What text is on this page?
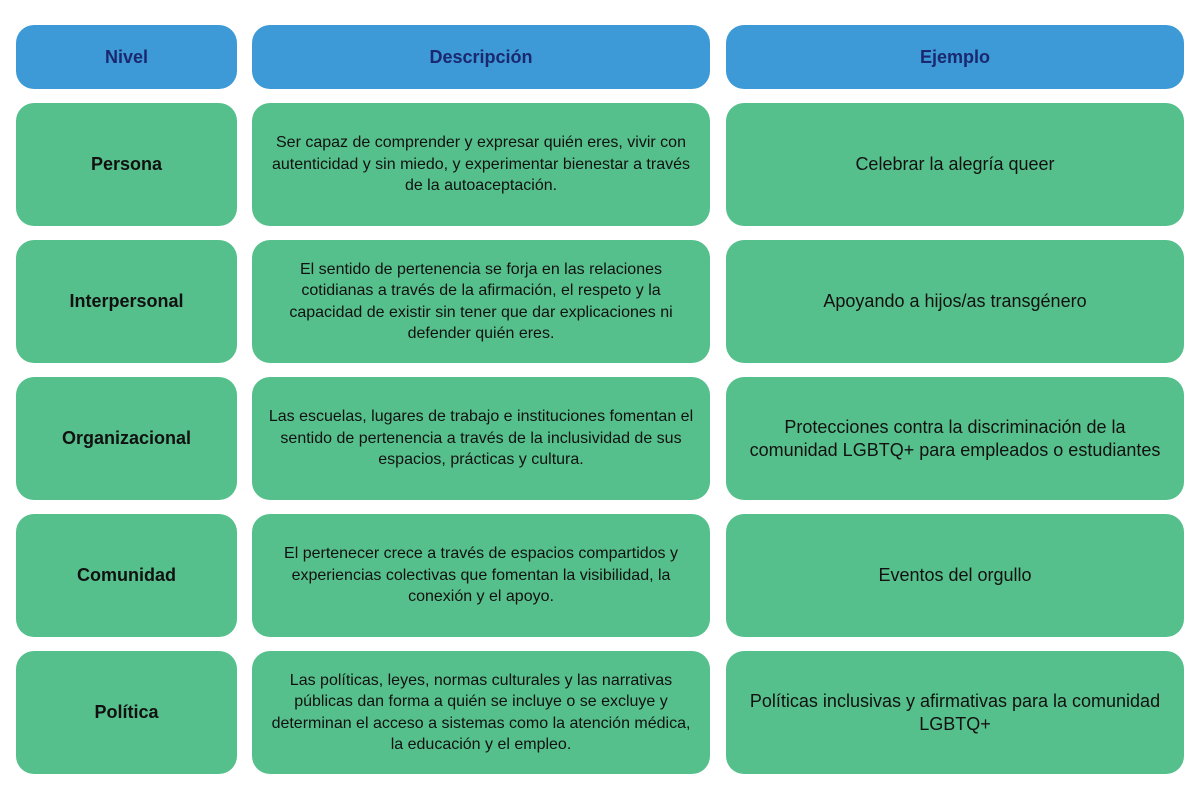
Nivel	Descripción	Ejemplo
Persona
Ser capaz de comprender y expresar quién eres, vivir con autenticidad y sin miedo, y experimentar bienestar a través de la autoaceptación.
Celebrar la alegría queer
Interpersonal
El sentido de pertenencia se forja en las relaciones cotidianas a través de la afirmación, el respeto y la capacidad de existir sin tener que dar explicaciones ni defender quién eres.
Apoyando a hijos/as transgénero
Organizacional
Las escuelas, lugares de trabajo e instituciones fomentan el sentido de pertenencia a través de la inclusividad de sus espacios, prácticas y cultura.
Protecciones contra la discriminación de la comunidad LGBTQ+ para empleados o estudiantes
Comunidad
El pertenecer crece a través de espacios compartidos y experiencias colectivas que fomentan la visibilidad, la conexión y el apoyo.
Eventos del orgullo
Política
Las políticas, leyes, normas culturales y las narrativas públicas dan forma a quién se incluye o se excluye y determinan el acceso a sistemas como la atención médica, la educación y el empleo.
Políticas inclusivas y afirmativas para la comunidad LGBTQ+
